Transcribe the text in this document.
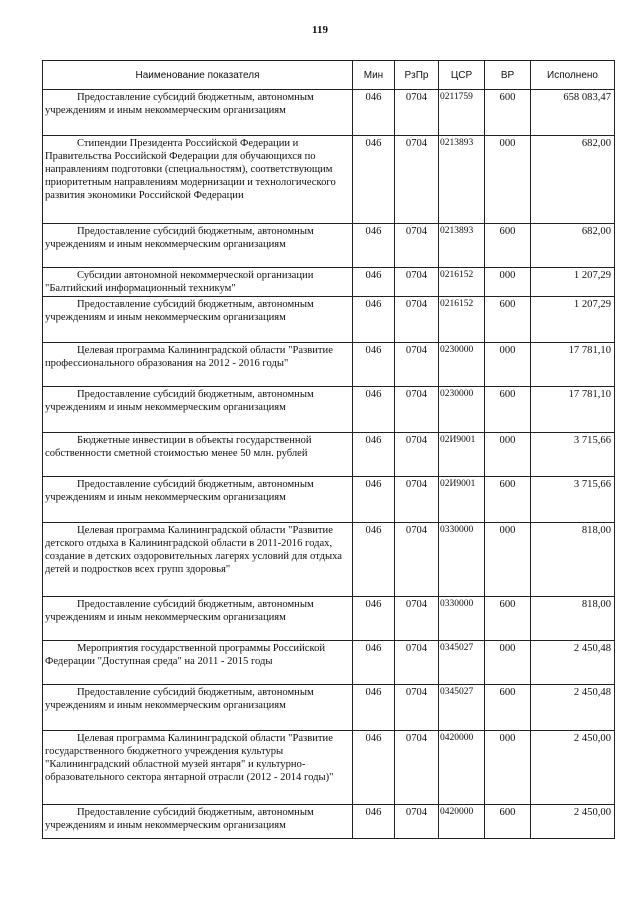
119
Наименование показателя	Мин	РзПр	ЦСР	ВР	Исполнено
Предоставление субсидий бюджетным, автономным учреждениям и иным некоммерческим организациям	046	0704	0211759	600	658 083,47
Стипендии Президента Российской Федерации и Правительства Российской Федерации для обучающихся по направлениям подготовки (специальностям), соответствующим приоритетным направлениям модернизации и технологического развития экономики Российской Федерации	046	0704	0213893	000	682,00
Предоставление субсидий бюджетным, автономным учреждениям и иным некоммерческим организациям	046	0704	0213893	600	682,00
Субсидии автономной некоммерческой организации "Балтийский информационный техникум"	046	0704	0216152	000	1 207,29
Предоставление субсидий бюджетным, автономным учреждениям и иным некоммерческим организациям	046	0704	0216152	600	1 207,29
Целевая программа Калининградской области "Развитие профессионального образования на 2012 - 2016 годы"	046	0704	0230000	000	17 781,10
Предоставление субсидий бюджетным, автономным учреждениям и иным некоммерческим организациям	046	0704	0230000	600	17 781,10
Бюджетные инвестиции в объекты государственной собственности сметной стоимостью менее 50 млн. рублей	046	0704	02И9001	000	3 715,66
Предоставление субсидий бюджетным, автономным учреждениям и иным некоммерческим организациям	046	0704	02И9001	600	3 715,66
Целевая программа Калининградской области "Развитие детского отдыха в Калининградской области в 2011-2016 годах, создание в детских оздоровительных лагерях условий для отдыха детей и подростков всех групп здоровья"	046	0704	0330000	000	818,00
Предоставление субсидий бюджетным, автономным учреждениям и иным некоммерческим организациям	046	0704	0330000	600	818,00
Мероприятия государственной программы Российской Федерации "Доступная среда" на 2011 - 2015 годы	046	0704	0345027	000	2 450,48
Предоставление субсидий бюджетным, автономным учреждениям и иным некоммерческим организациям	046	0704	0345027	600	2 450,48
Целевая программа Калининградской области "Развитие государственного бюджетного учреждения культуры "Калининградский областной музей янтаря" и культурно-образовательного сектора янтарной отрасли (2012 - 2014 годы)"	046	0704	0420000	000	2 450,00
Предоставление субсидий бюджетным, автономным учреждениям и иным некоммерческим организациям	046	0704	0420000	600	2 450,00
